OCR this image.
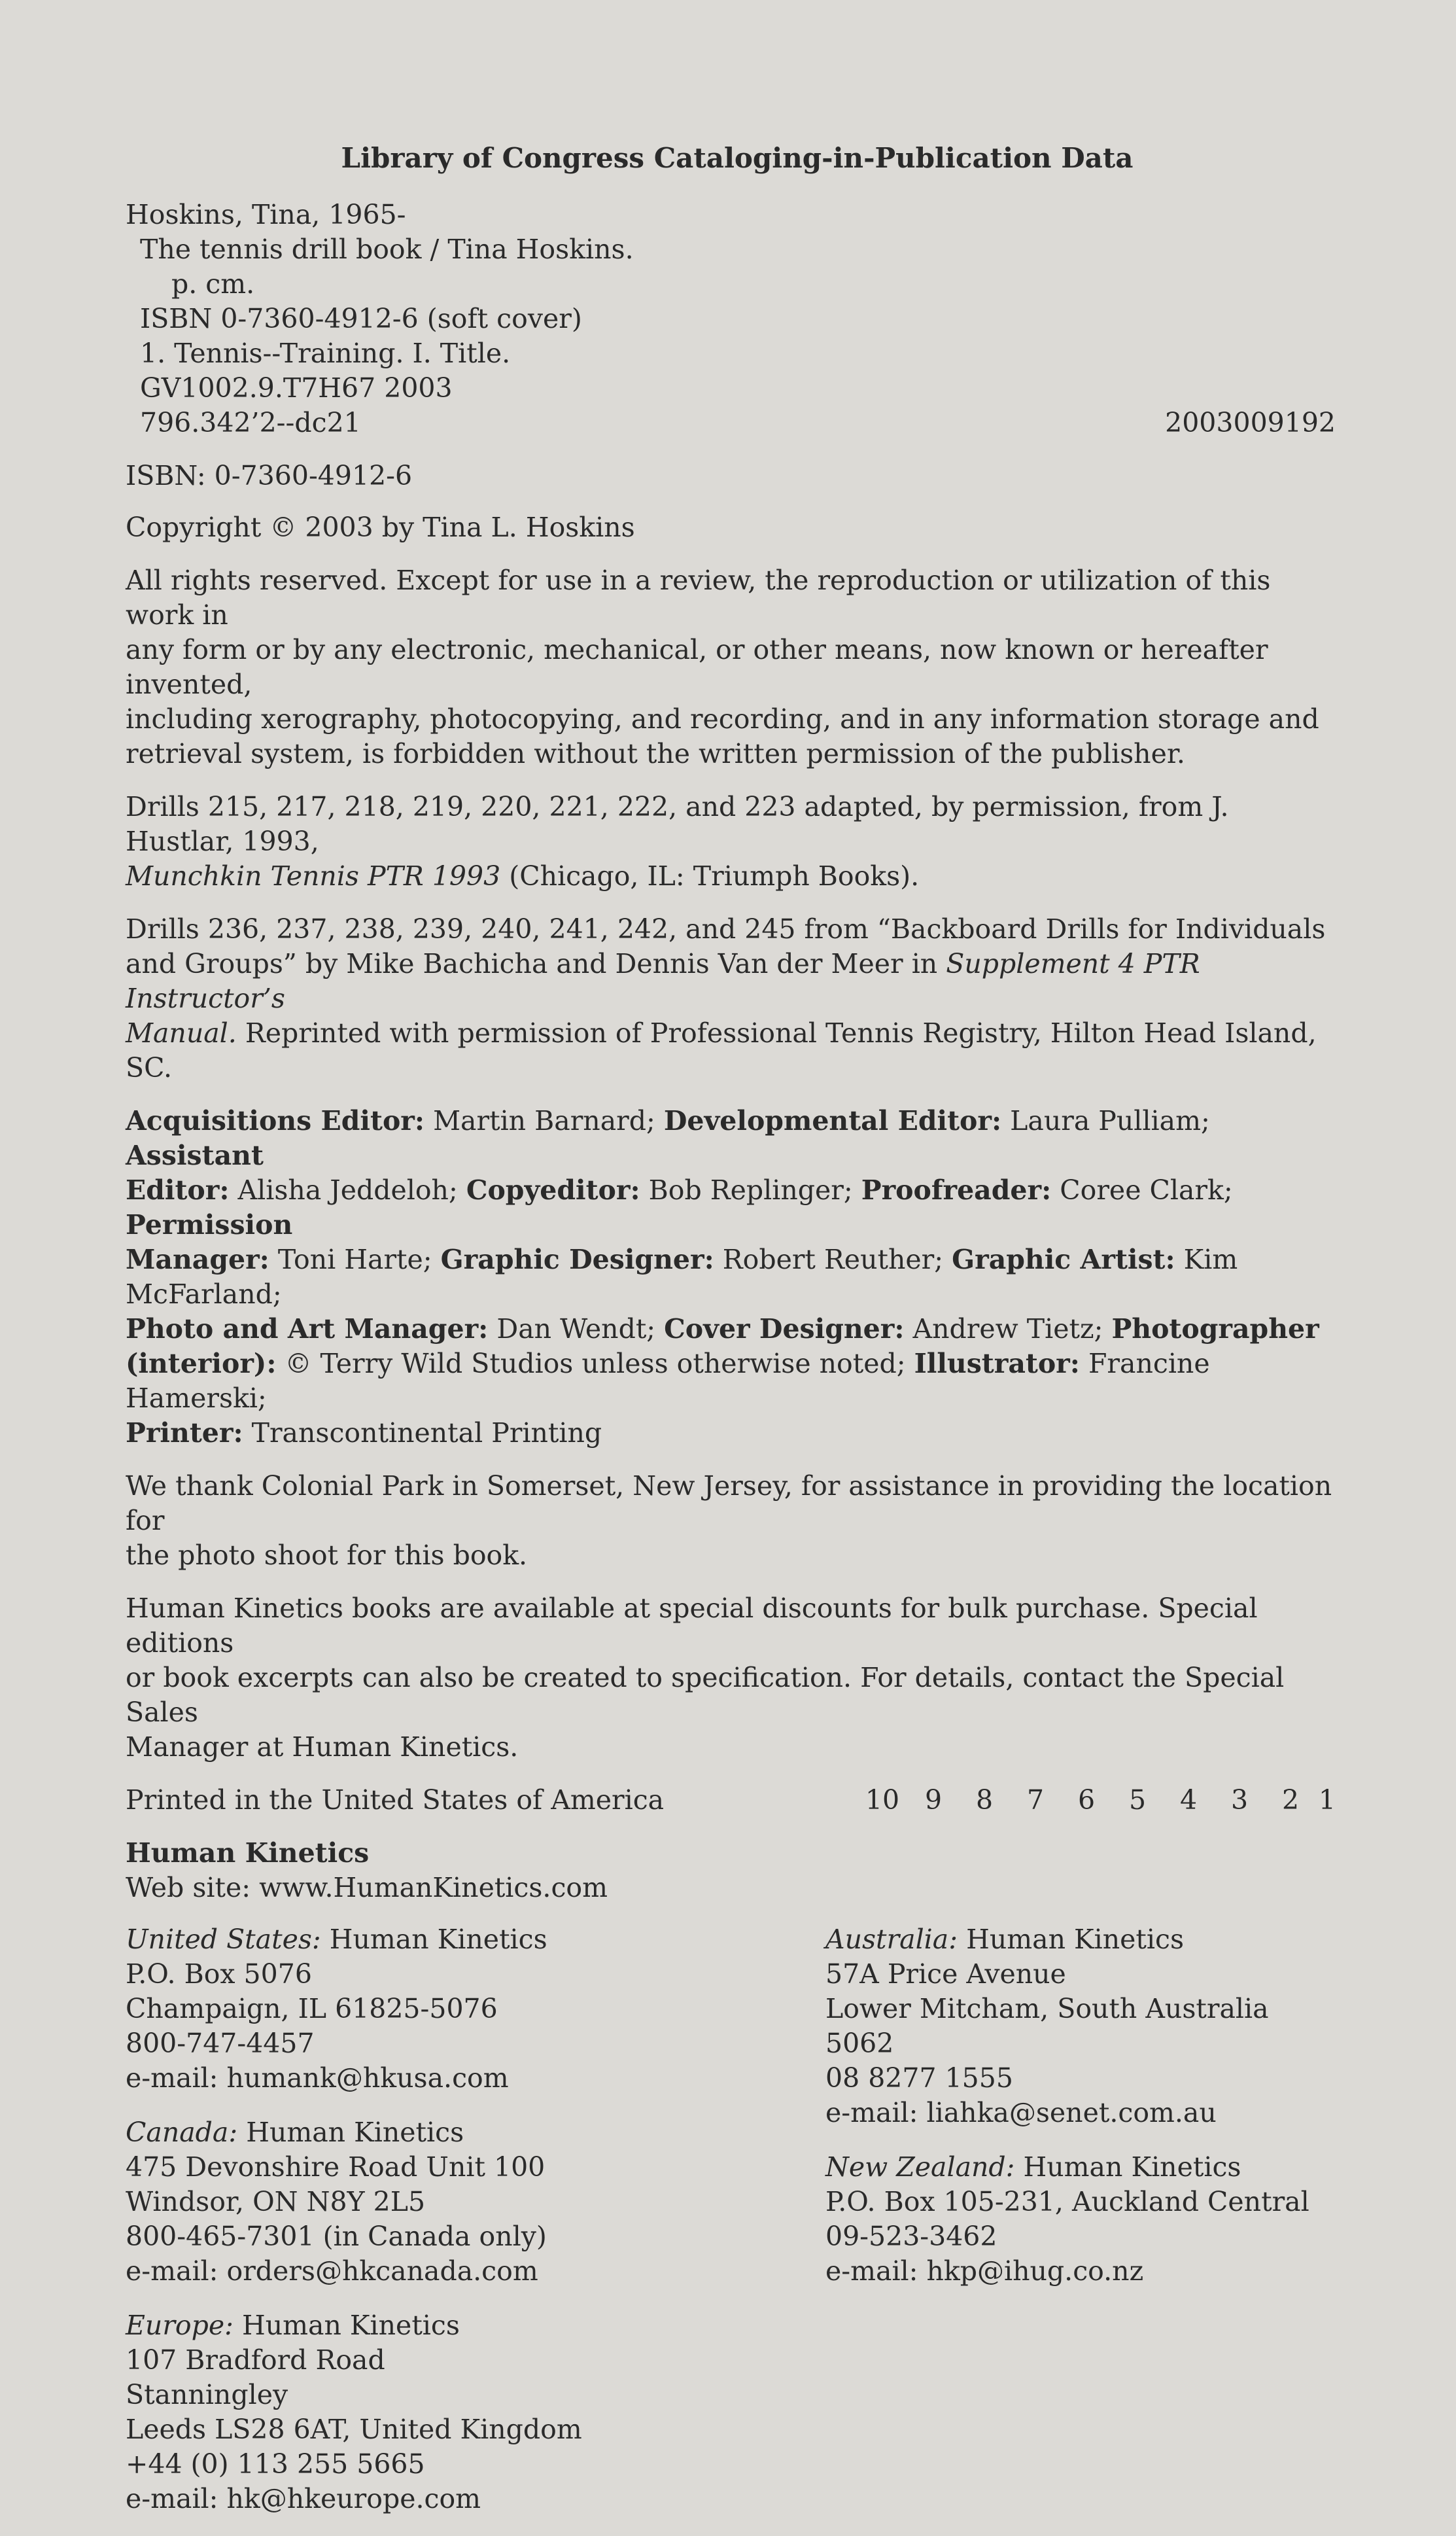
Library of Congress Cataloging-in-Publication Data

Hoskins, Tina, 1965-

The tennis drill book / Tina Hoskins.

p. cm.

ISBN 0-7360-4912-6 (soft cover)

1. Tennis--Training. I. Title.

GV1002.9.T7H67 2003

796.342’2--dc21	2003009192
ISBN: 0-7360-4912-6
Copyright © 2003 by Tina L. Hoskins

All rights reserved. Except for use in a review, the reproduction or utilization of this work in

any form or by any electronic, mechanical, or other means, now known or hereafter invented,

including xerography, photocopying, and recording, and in any information storage and

retrieval system, is forbidden without the written permission of the publisher.

Drills 215, 217, 218, 219, 220, 221, 222, and 223 adapted, by permission, from J. Hustlar, 1993,

Munchkin Tennis PTR 1993 (Chicago, IL: Triumph Books).

Drills 236, 237, 238, 239, 240, 241, 242, and 245 from “Backboard Drills for Individuals

and Groups” by Mike Bachicha and Dennis Van der Meer in Supplement 4 PTR Instructor’s

Manual. Reprinted with permission of Professional Tennis Registry, Hilton Head Island, SC.

Acquisitions Editor: Martin Barnard; Developmental Editor: Laura Pulliam; Assistant

Editor: Alisha Jeddeloh; Copyeditor: Bob Replinger; Proofreader: Coree Clark; Permission

Manager: Toni Harte; Graphic Designer: Robert Reuther; Graphic Artist: Kim McFarland;

Photo and Art Manager: Dan Wendt; Cover Designer: Andrew Tietz; Photographer

(interior): © Terry Wild Studios unless otherwise noted; Illustrator: Francine Hamerski;

Printer: Transcontinental Printing

We thank Colonial Park in Somerset, New Jersey, for assistance in providing the location for

the photo shoot for this book.

Human Kinetics books are available at special discounts for bulk purchase. Special editions

or book excerpts can also be created to specification. For details, contact the Special Sales

Manager at Human Kinetics.

Printed in the United States of America	10 9 8 7 6 5 4 3 2 1

Human Kinetics

Web site: www.HumanKinetics.com

United States: Human Kinetics

P.O. Box 5076

Champaign, IL 61825-5076

800-747-4457

e-mail: humank@hkusa.com

Canada: Human Kinetics

475 Devonshire Road Unit 100

Windsor, ON N8Y 2L5

800-465-7301 (in Canada only)

e-mail: orders@hkcanada.com

Europe: Human Kinetics

107 Bradford Road

Stanningley

Leeds LS28 6AT, United Kingdom

+44 (0) 113 255 5665

e-mail: hk@hkeurope.com

Australia: Human Kinetics

57A Price Avenue

Lower Mitcham, South Australia 5062

08 8277 1555

e-mail: liahka@senet.com.au

New Zealand: Human Kinetics

P.O. Box 105-231, Auckland Central

09-523-3462

e-mail: hkp@ihug.co.nz
